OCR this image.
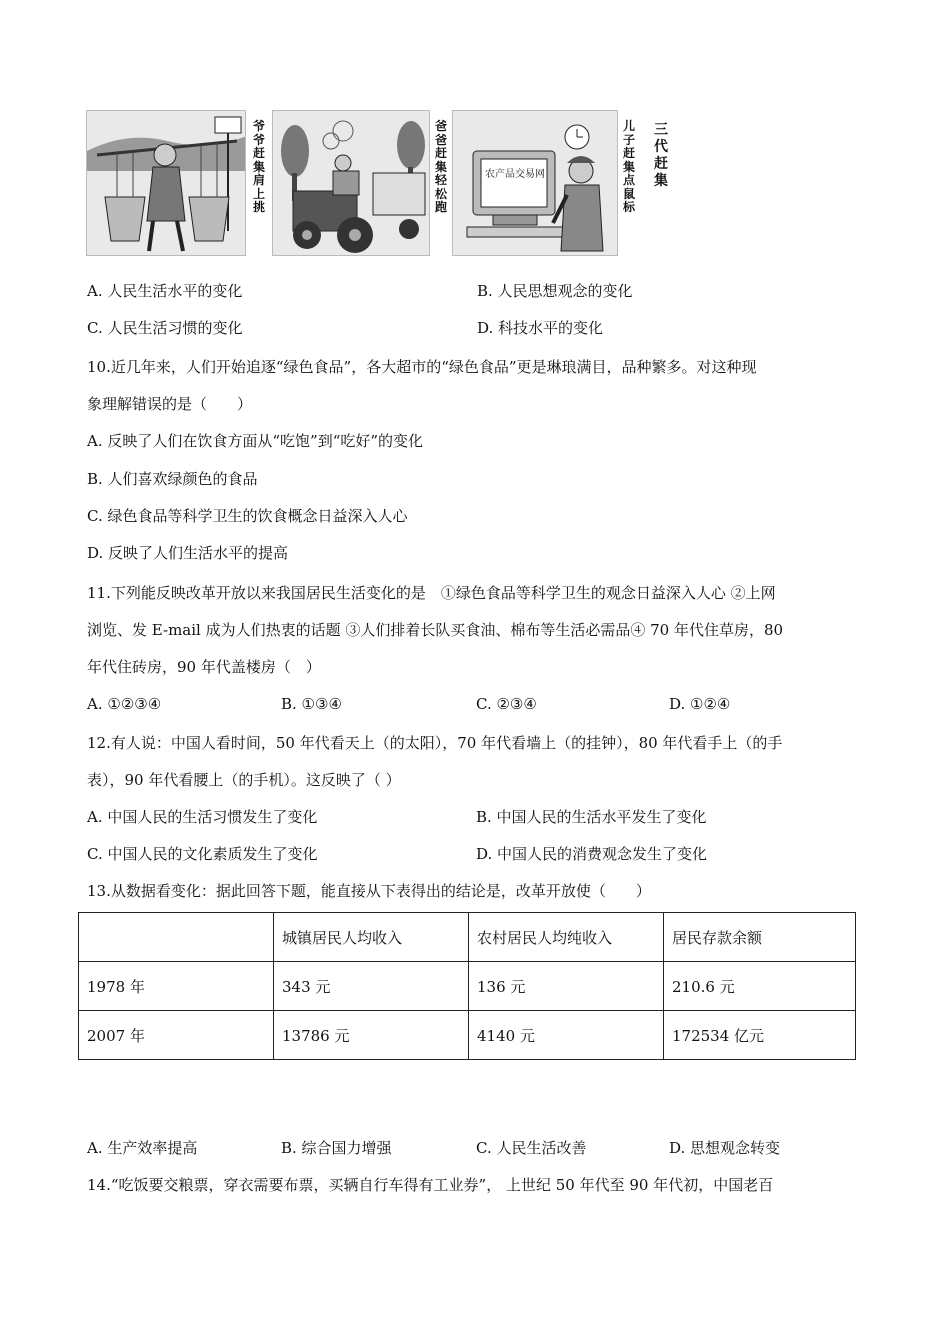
爷爷赶集肩上挑
爸爸赶集轻松跑
农产品交易网
儿子赶集点鼠标
三代赶集
A. 人民生活水平的变化	B. 人民思想观念的变化
C. 人民生活习惯的变化	D. 科技水平的变化
10.近几年来，人们开始追逐“绿色食品”，各大超市的“绿色食品”更是琳琅满目，品种繁多。对这种现
象理解错误的是（　　）
A. 反映了人们在饮食方面从“吃饱”到“吃好”的变化
B. 人们喜欢绿颜色的食品
C. 绿色食品等科学卫生的饮食概念日益深入人心
D. 反映了人们生活水平的提高
11.下列能反映改革开放以来我国居民生活变化的是　①绿色食品等科学卫生的观念日益深入人心 ②上网
浏览、发 E-mail 成为人们热衷的话题 ③人们排着长队买食油、棉布等生活必需品④ 70 年代住草房，80
年代住砖房，90 年代盖楼房（　）
A. ①②③④	B. ①③④	C. ②③④	D. ①②④
12.有人说：中国人看时间，50 年代看天上（的太阳），70 年代看墙上（的挂钟），80 年代看手上（的手
表），90 年代看腰上（的手机）。这反映了（ ）
A. 中国人民的生活习惯发生了变化	B. 中国人民的生活水平发生了变化
C. 中国人民的文化素质发生了变化	D. 中国人民的消费观念发生了变化
13.从数据看变化：据此回答下题，能直接从下表得出的结论是，改革开放使（　　）
	城镇居民人均收入	农村居民人均纯收入	居民存款余额
1978 年	343 元	136 元	210.6 元
2007 年	13786 元	4140 元	172534 亿元
A. 生产效率提高	B. 综合国力增强	C. 人民生活改善	D. 思想观念转变
14.“吃饭要交粮票，穿衣需要布票，买辆自行车得有工业券”， 上世纪 50 年代至 90 年代初，中国老百
